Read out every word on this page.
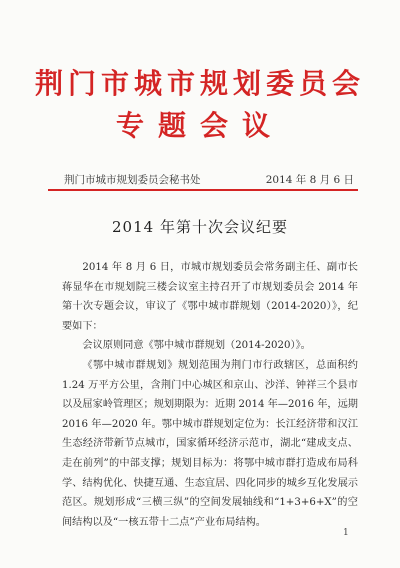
荆门市城市规划委员会
专题会议
荆门市城市规划委员会秘书处	2014 年 8 月 6 日
2014 年第十次会议纪要

2014 年 8 月 6 日，市城市规划委员会常务副主任、副市长蒋显华在市规划院三楼会议室主持召开了市规划委员会 2014 年第十次专题会议，审议了《鄂中城市群规划（2014-2020）》，纪要如下：

会议原则同意《鄂中城市群规划（2014-2020）》。

《鄂中城市群规划》规划范围为荆门市行政辖区，总面积约 1.24 万平方公里，含荆门中心城区和京山、沙洋、钟祥三个县市以及屈家岭管理区；规划期限为：近期 2014 年—2016 年，远期 2016 年—2020 年。鄂中城市群规划定位为：长江经济带和汉江生态经济带新节点城市，国家循环经济示范市，湖北“建成支点、走在前列”的中部支撑；规划目标为：将鄂中城市群打造成布局科学、结构优化、快捷互通、生态宜居、四化同步的城乡互化发展示范区。规划形成“三横三纵”的空间发展轴线和“1+3+6+X”的空间结构以及“一核五带十二点”产业布局结构。

1
